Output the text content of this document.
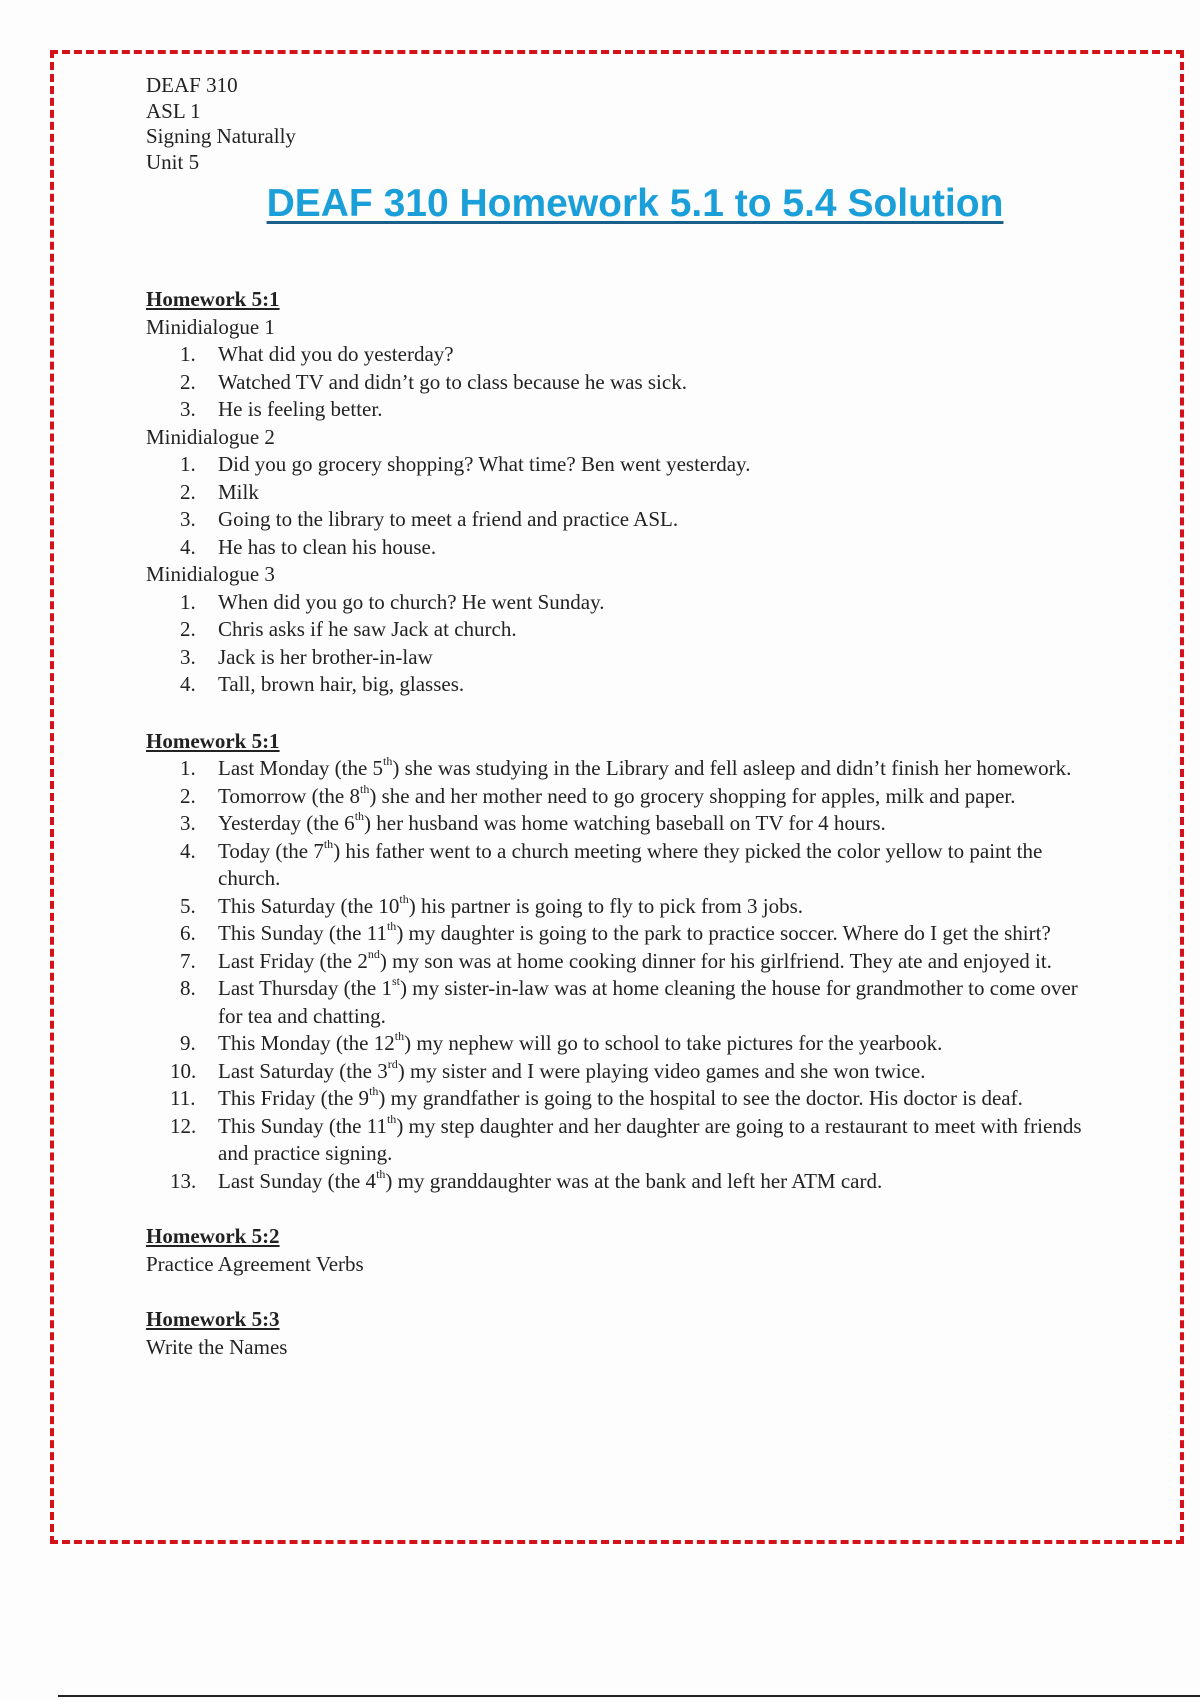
DEAF 310
ASL 1
Signing Naturally
Unit 5
DEAF 310 Homework 5.1 to 5.4 Solution
Homework 5:1
Minidialogue 1
1.	What did you do yesterday?
2.	Watched TV and didn’t go to class because he was sick.
3.	He is feeling better.
Minidialogue 2
1.	Did you go grocery shopping? What time? Ben went yesterday.
2.	Milk
3.	Going to the library to meet a friend and practice ASL.
4.	He has to clean his house.
Minidialogue 3
1.	When did you go to church? He went Sunday.
2.	Chris asks if he saw Jack at church.
3.	Jack is her brother-in-law
4.	Tall, brown hair, big, glasses.
Homework 5:1
1.	Last Monday (the 5th) she was studying in the Library and fell asleep and didn’t finish her homework.
2.	Tomorrow (the 8th) she and her mother need to go grocery shopping for apples, milk and paper.
3.	Yesterday (the 6th) her husband was home watching baseball on TV for 4 hours.
4.	Today (the 7th) his father went to a church meeting where they picked the color yellow to paint the church.
5.	This Saturday (the 10th) his partner is going to fly to pick from 3 jobs.
6.	This Sunday (the 11th) my daughter is going to the park to practice soccer. Where do I get the shirt?
7.	Last Friday (the 2nd) my son was at home cooking dinner for his girlfriend. They ate and enjoyed it.
8.	Last Thursday (the 1st) my sister-in-law was at home cleaning the house for grandmother to come over for tea and chatting.
9.	This Monday (the 12th) my nephew will go to school to take pictures for the yearbook.
10. Last Saturday (the 3rd) my sister and I were playing video games and she won twice.
11.	This Friday (the 9th) my grandfather is going to the hospital to see the doctor. His doctor is deaf.
12. This Sunday (the 11th) my step daughter and her daughter are going to a restaurant to meet with friends and practice signing.
13. Last Sunday (the 4th) my granddaughter was at the bank and left her ATM card.
Homework 5:2
Practice Agreement Verbs
Homework 5:3
Write the Names
